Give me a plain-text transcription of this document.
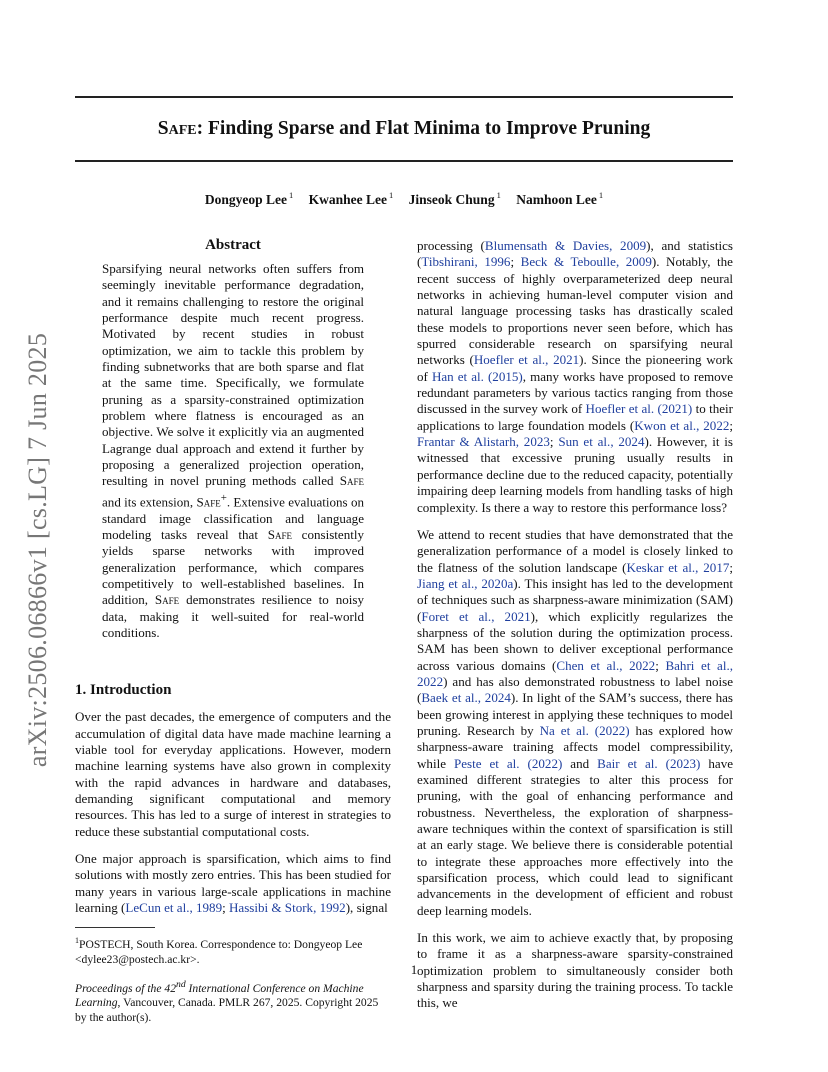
Safe: Finding Sparse and Flat Minima to Improve Pruning
Dongyeop Lee $^1$ Kwanhee Lee $^1$ Jinseok Chung $^1$ Namhoon Lee $^1$
arXiv:2506.06866v1 [cs.LG] 7 Jun 2025
Abstract
Sparsifying neural networks often suffers from seemingly inevitable performance degradation, and it remains challenging to restore the original performance despite much recent progress. Motivated by recent studies in robust optimization, we aim to tackle this problem by finding subnetworks that are both sparse and flat at the same time. Specifically, we formulate pruning as a sparsity-constrained optimization problem where flatness is encouraged as an objective. We solve it explicitly via an augmented Lagrange dual approach and extend it further by proposing a generalized projection operation, resulting in novel pruning methods called Safe and its extension, Safe+. Extensive evaluations on standard image classification and language modeling tasks reveal that Safe consistently yields sparse networks with improved generalization performance, which compares competitively to well-established baselines. In addition, Safe demonstrates resilience to noisy data, making it well-suited for real-world conditions.
1. Introduction

Over the past decades, the emergence of computers and the accumulation of digital data have made machine learning a viable tool for everyday applications. However, modern machine learning systems have also grown in complexity with the rapid advances in hardware and databases, demanding significant computational and memory resources. This has led to a surge of interest in strategies to reduce these substantial computational costs.

One major approach is sparsification, which aims to find solutions with mostly zero entries. This has been studied for many years in various large-scale applications in machine learning (LeCun et al., 1989; Hassibi & Stork, 1992), signal

$^1$POSTECH, South Korea. Correspondence to: Dongyeop Lee <dylee23@postech.ac.kr>.

Proceedings of the 42nd International Conference on Machine Learning, Vancouver, Canada. PMLR 267, 2025. Copyright 2025 by the author(s).

processing (Blumensath & Davies, 2009), and statistics (Tibshirani, 1996; Beck & Teboulle, 2009). Notably, the recent success of highly overparameterized deep neural networks in achieving human-level computer vision and natural language processing tasks has drastically scaled these models to proportions never seen before, which has spurred considerable research on sparsifying neural networks (Hoefler et al., 2021). Since the pioneering work of Han et al. (2015), many works have proposed to remove redundant parameters by various tactics ranging from those discussed in the survey work of Hoefler et al. (2021) to their applications to large foundation models (Kwon et al., 2022; Frantar & Alistarh, 2023; Sun et al., 2024). However, it is witnessed that excessive pruning usually results in performance decline due to the reduced capacity, potentially impairing deep learning models from handling tasks of high complexity. Is there a way to restore this performance loss?

We attend to recent studies that have demonstrated that the generalization performance of a model is closely linked to the flatness of the solution landscape (Keskar et al., 2017; Jiang et al., 2020a). This insight has led to the development of techniques such as sharpness-aware minimization (SAM) (Foret et al., 2021), which explicitly regularizes the sharpness of the solution during the optimization process. SAM has been shown to deliver exceptional performance across various domains (Chen et al., 2022; Bahri et al., 2022) and has also demonstrated robustness to label noise (Baek et al., 2024). In light of the SAM’s success, there has been growing interest in applying these techniques to model pruning. Research by Na et al. (2022) has explored how sharpness-aware training affects model compressibility, while Peste et al. (2022) and Bair et al. (2023) have examined different strategies to alter this process for pruning, with the goal of enhancing performance and robustness. Nevertheless, the exploration of sharpness-aware techniques within the context of sparsification is still at an early stage. We believe there is considerable potential to integrate these approaches more effectively into the sparsification process, which could lead to significant advancements in the development of efficient and robust deep learning models.

In this work, we aim to achieve exactly that, by proposing to frame it as a sharpness-aware sparsity-constrained optimization problem to simultaneously consider both sharpness and sparsity during the training process. To tackle this, we

1
